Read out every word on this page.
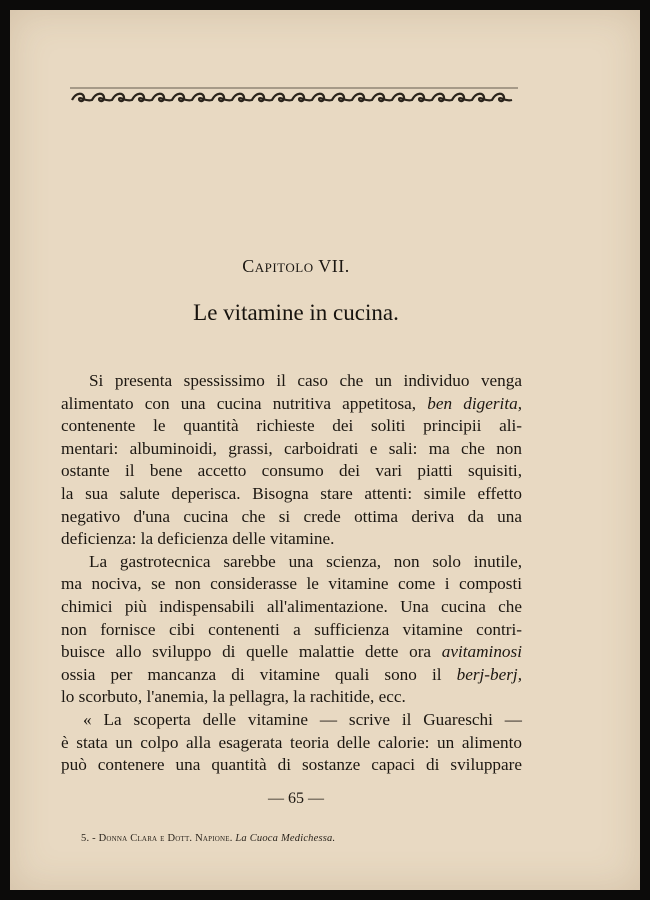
Capitolo VII.
Le vitamine in cucina.
Si presenta spessissimo il caso che un individuo venga
alimentato con una cucina nutritiva appetitosa, ben digerita,
contenente le quantità richieste dei soliti principii ali-
mentari: albuminoidi, grassi, carboidrati e sali: ma che non
ostante il bene accetto consumo dei vari piatti squisiti,
la sua salute deperisca. Bisogna stare attenti: simile effetto
negativo d'una cucina che si crede ottima deriva da una
deficienza: la deficienza delle vitamine.
La gastrotecnica sarebbe una scienza, non solo inutile,
ma nociva, se non considerasse le vitamine come i composti
chimici più indispensabili all'alimentazione. Una cucina che
non fornisce cibi contenenti a sufficienza vitamine contri-
buisce allo sviluppo di quelle malattie dette ora avitaminosi
ossia per mancanza di vitamine quali sono il berj-berj,
lo scorbuto, l'anemia, la pellagra, la rachitide, ecc.
« La scoperta delle vitamine — scrive il Guareschi —
è stata un colpo alla esagerata teoria delle calorie: un alimento
può contenere una quantità di sostanze capaci di sviluppare
— 65 —
5. - Donna Clara e Dott. Napione. La Cuoca Medichessa.
